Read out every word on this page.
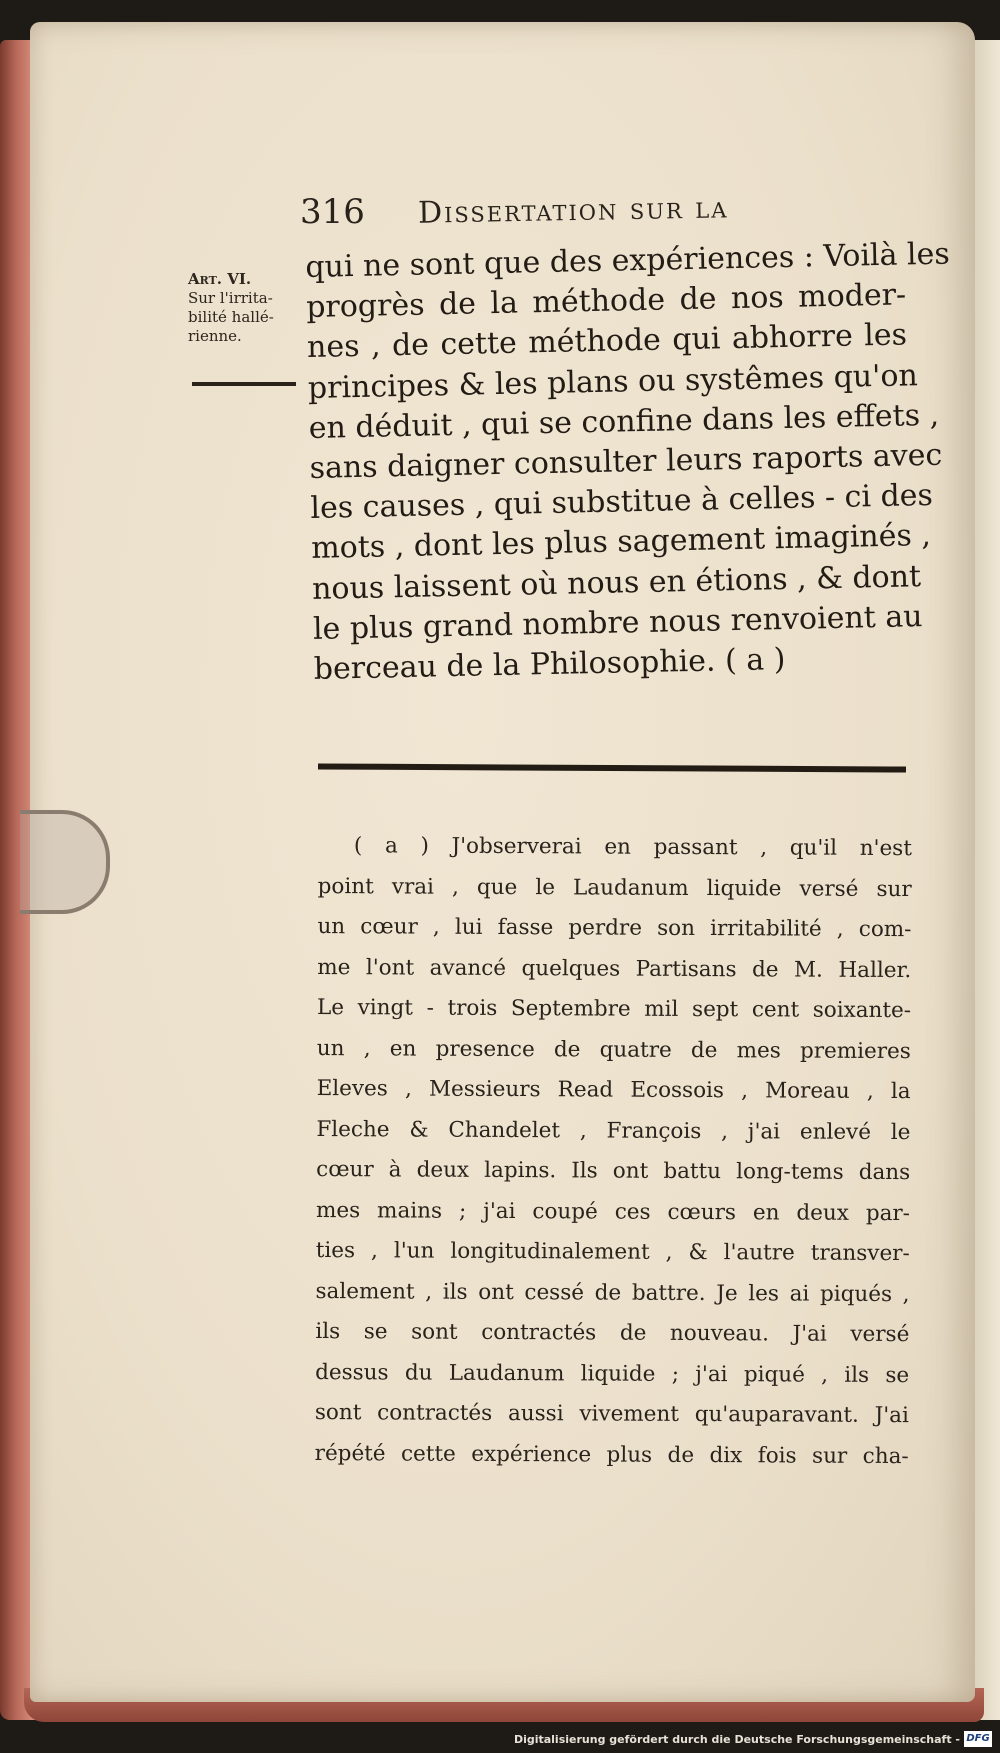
316 Dissertation sur la
Art. VI.
Sur l'irrita-
bilité hallé-
rienne.
qui ne sont que des expériences : Voilà les
progrès de la méthode de nos moder-
nes , de cette méthode qui abhorre les
principes & les plans ou systêmes qu'on
en déduit , qui se confine dans les effets ,
sans daigner consulter leurs raports avec
les causes , qui substitue à celles - ci des
mots , dont les plus sagement imaginés ,
nous laissent où nous en étions , & dont
le plus grand nombre nous renvoient au
berceau de la Philosophie. ( a )
( a ) J'observerai en passant , qu'il n'est
point vrai , que le Laudanum liquide versé sur
un cœur , lui fasse perdre son irritabilité , com-
me l'ont avancé quelques Partisans de M. Haller.
Le vingt - trois Septembre mil sept cent soixante-
un , en presence de quatre de mes premieres
Eleves , Messieurs Read Ecossois , Moreau , la
Fleche & Chandelet , François , j'ai enlevé le
cœur à deux lapins. Ils ont battu long-tems dans
mes mains ; j'ai coupé ces cœurs en deux par-
ties , l'un longitudinalement , & l'autre transver-
salement , ils ont cessé de battre. Je les ai piqués ,
ils se sont contractés de nouveau. J'ai versé
dessus du Laudanum liquide ; j'ai piqué , ils se
sont contractés aussi vivement qu'auparavant. J'ai
répété cette expérience plus de dix fois sur cha-
Digitalisierung gefördert durch die Deutsche Forschungsgemeinschaft - DFG
